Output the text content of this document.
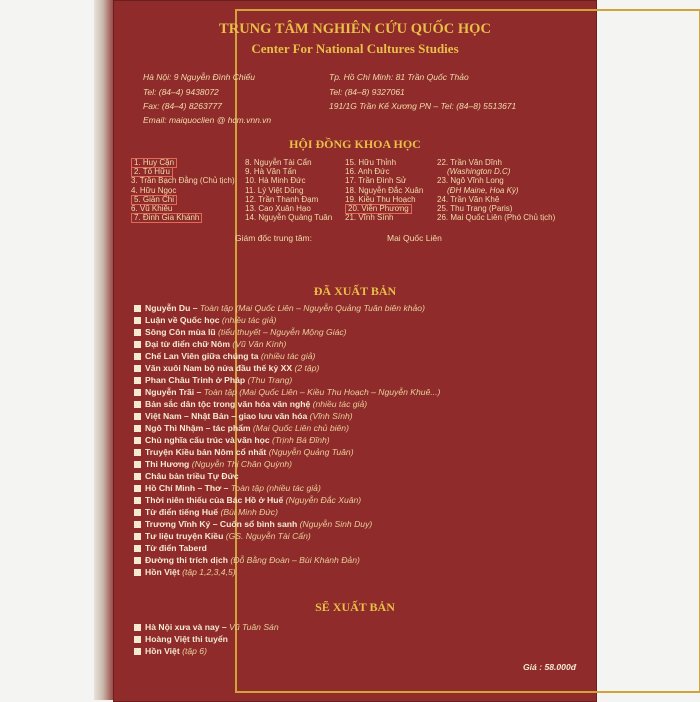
TRUNG TÂM NGHIÊN CỨU QUỐC HỌC
Center For National Cultures Studies
Hà Nội: 9 Nguyễn Đình Chiểu
Tel: (84–4) 9438072
Fax: (84–4) 8263777
Email: maiquoclien @ hcm.vnn.vn
Tp. Hồ Chí Minh: 81 Trần Quốc Thảo
Tel: (84–8) 9327061
191/1G Trần Kế Xương PN – Tel: (84–8) 5513671
HỘI ĐỒNG KHOA HỌC
1. Huy Cận
2. Tố Hữu
3. Trần Bạch Đằng (Chủ tịch)
4. Hữu Ngọc
5. Giản Chi
6. Vũ Khiêu
7. Đinh Gia Khánh
8. Nguyễn Tài Cẩn
9. Hà Văn Tấn
10. Hà Minh Đức
11. Lý Việt Dũng
12. Trần Thanh Đạm
13. Cao Xuân Hạo
14. Nguyễn Quảng Tuân
15. Hữu Thỉnh
16. Anh Đức
17. Trần Đình Sử
18. Nguyễn Đắc Xuân
19. Kiều Thu Hoạch
20. Viễn Phương
21. Vĩnh Sính
22. Trần Văn Dĩnh
(Washington D.C)
23. Ngô Vĩnh Long
(ĐH Maine, Hoa Kỳ)
24. Trần Văn Khê
25. Thu Trang (Paris)
26. Mai Quốc Liên (Phó Chủ tịch)
Giám đốc trung tâm:	Mai Quốc Liên
ĐÃ XUẤT BẢN
Nguyễn Du – Toàn tập (Mai Quốc Liên – Nguyễn Quảng Tuân biên khảo)
Luận về Quốc học (nhiều tác giả)
Sông Côn mùa lũ (tiểu thuyết – Nguyễn Mộng Giác)
Đại từ điển chữ Nôm (Vũ Văn Kính)
Chế Lan Viên giữa chúng ta (nhiều tác giả)
Văn xuôi Nam bộ nửa đầu thế kỷ XX (2 tập)
Phan Châu Trinh ở Pháp (Thu Trang)
Nguyễn Trãi – Toàn tập (Mai Quốc Liên – Kiều Thu Hoạch – Nguyễn Khuê...)
Bản sắc dân tộc trong văn hóa văn nghệ (nhiều tác giả)
Việt Nam – Nhật Bản – giao lưu văn hóa (Vĩnh Sính)
Ngô Thì Nhậm – tác phẩm (Mai Quốc Liên chủ biên)
Chủ nghĩa cấu trúc và văn học (Trịnh Bá Đĩnh)
Truyện Kiều bản Nôm cổ nhất (Nguyễn Quảng Tuân)
Thi Hương (Nguyễn Thị Chân Quỳnh)
Châu bản triều Tự Đức
Hồ Chí Minh – Thơ – Toàn tập (nhiều tác giả)
Thời niên thiếu của Bác Hồ ở Huế (Nguyễn Đắc Xuân)
Từ điển tiếng Huế (Bùi Minh Đức)
Trương Vĩnh Ký – Cuốn sổ bình sanh (Nguyễn Sinh Duy)
Tư liệu truyện Kiều (GS. Nguyễn Tài Cẩn)
Từ điển Taberd
Đường thi trích dịch (Đỗ Bằng Đoàn – Bùi Khánh Đản)
Hồn Việt (tập 1,2,3,4,5)
SẼ XUẤT BẢN
Hà Nội xưa và nay – Vũ Tuân Sán
Hoàng Việt thi tuyển
Hồn Việt (tập 6)
Giá : 58.000đ
